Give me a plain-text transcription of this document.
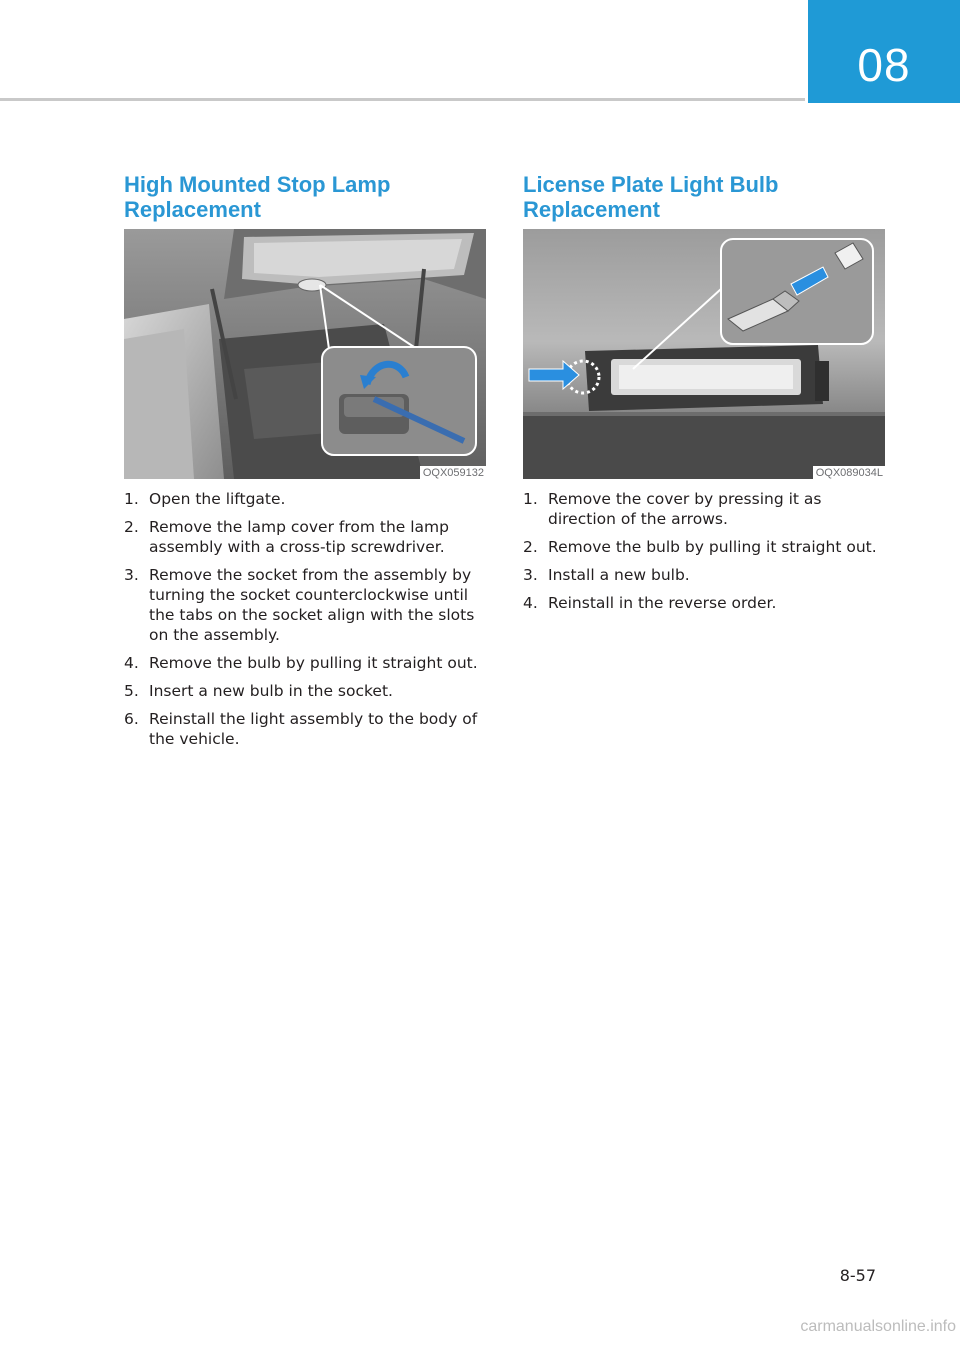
08
High Mounted Stop Lamp Replacement
OQX059132
1. Open the liftgate.
2. Remove the lamp cover from the lamp assembly with a cross-tip screwdriver.
3. Remove the socket from the assembly by turning the socket counterclockwise until the tabs on the socket align with the slots on the assembly.
4. Remove the bulb by pulling it straight out.
5. Insert a new bulb in the socket.
6. Reinstall the light assembly to the body of the vehicle.
License Plate Light Bulb Replacement
OQX089034L
1. Remove the cover by pressing it as direction of the arrows.
2. Remove the bulb by pulling it straight out.
3. Install a new bulb.
4. Reinstall in the reverse order.
8-57
carmanualsonline.info
